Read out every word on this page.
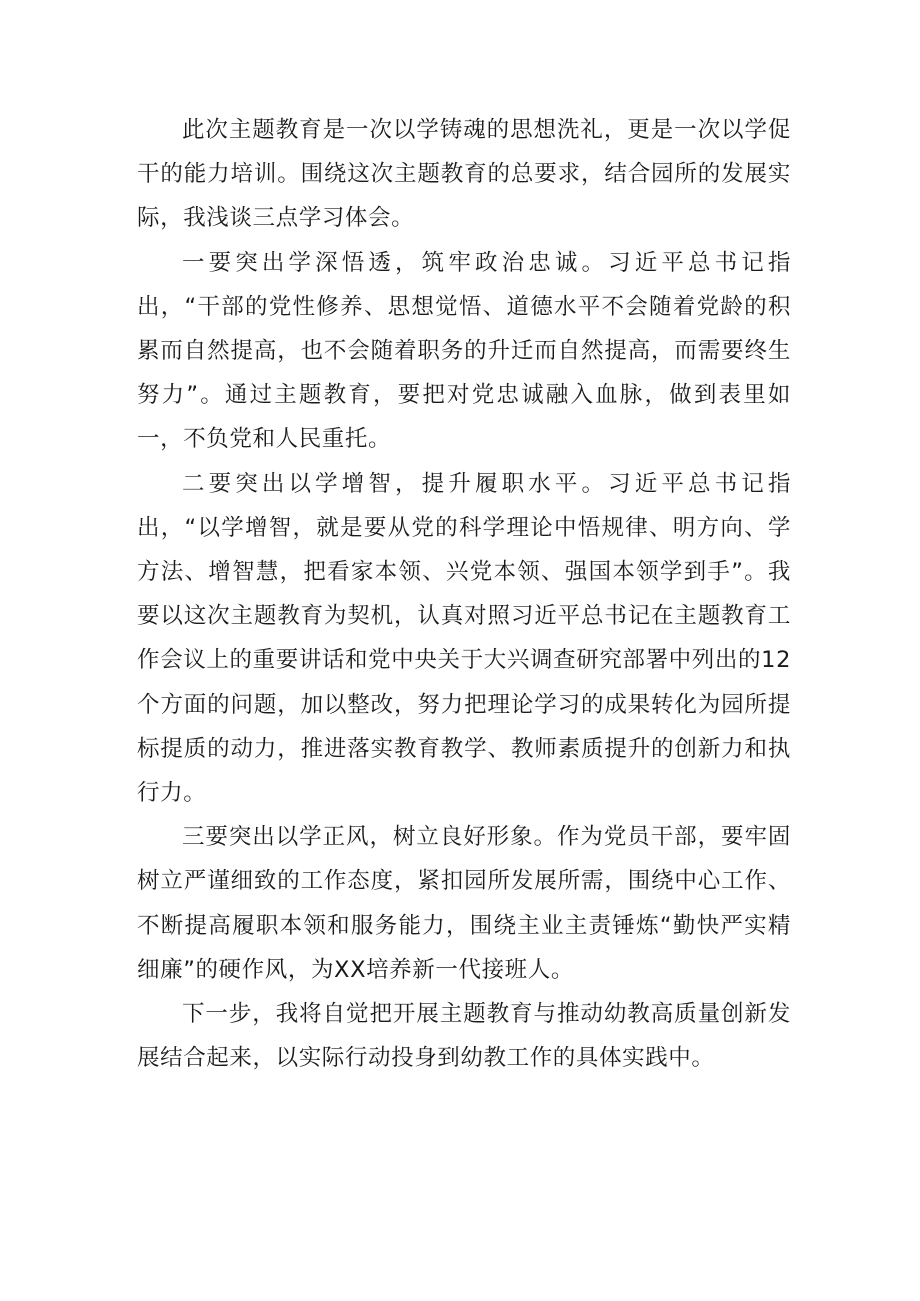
此次主题教育是一次以学铸魂的思想洗礼，更是一次以学促干的能力培训。围绕这次主题教育的总要求，结合园所的发展实际，我浅谈三点学习体会。

一要突出学深悟透，筑牢政治忠诚。习近平总书记指出，“干部的党性修养、思想觉悟、道德水平不会随着党龄的积累而自然提高，也不会随着职务的升迁而自然提高，而需要终生努力”。通过主题教育，要把对党忠诚融入血脉，做到表里如一，不负党和人民重托。

二要突出以学增智，提升履职水平。习近平总书记指出，“以学增智，就是要从党的科学理论中悟规律、明方向、学方法、增智慧，把看家本领、兴党本领、强国本领学到手”。我要以这次主题教育为契机，认真对照习近平总书记在主题教育工作会议上的重要讲话和党中央关于大兴调查研究部署中列出的12个方面的问题，加以整改，努力把理论学习的成果转化为园所提标提质的动力，推进落实教育教学、教师素质提升的创新力和执行力。

三要突出以学正风，树立良好形象。作为党员干部，要牢固树立严谨细致的工作态度，紧扣园所发展所需，围绕中心工作、不断提高履职本领和服务能力，围绕主业主责锤炼“勤快严实精细廉”的硬作风，为XX培养新一代接班人。

下一步，我将自觉把开展主题教育与推动幼教高质量创新发展结合起来，以实际行动投身到幼教工作的具体实践中。
